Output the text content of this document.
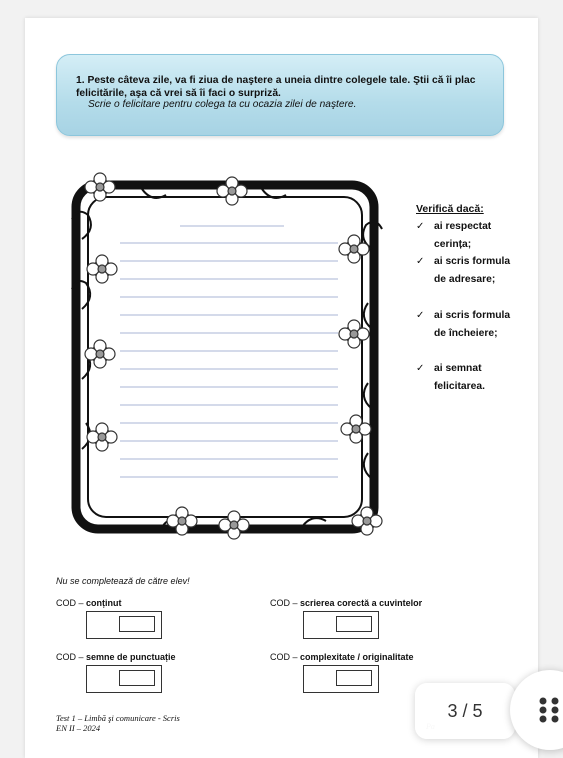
1. Peste câteva zile, va fi ziua de naştere a uneia dintre colegele tale. Ştii că îi plac felicitările, aşa că vrei să îi faci o surpriză.
Scrie o felicitare pentru colega ta cu ocazia zilei de naştere.
Verifică dacă:
✓ ai respectat cerința;
✓ ai scris formula de adresare;
✓ ai scris formula de încheiere;
✓ ai semnat felicitarea.
Nu se completează de către elev!
COD – conținut	COD – scrierea corectă a cuvintelor
COD – semne de punctuație	COD – complexitate / originalitate
Test 1 – Limbă şi comunicare - Scris
EN II – 2024
3 / 5
